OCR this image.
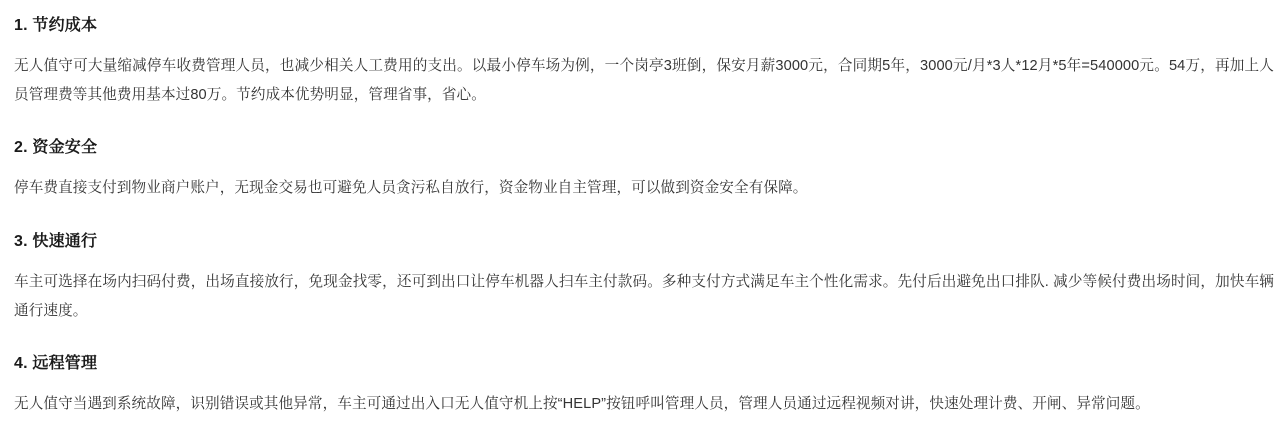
1. 节约成本

无人值守可大量缩减停车收费管理人员，也减少相关人工费用的支出。以最小停车场为例，一个岗亭3班倒，保安月薪3000元，合同期5年，3000元/月*3人*12月*5年=540000元。54万，再加上人员管理费等其他费用基本过80万。节约成本优势明显，管理省事，省心。

2. 资金安全

停车费直接支付到物业商户账户，无现金交易也可避免人员贪污私自放行，资金物业自主管理，可以做到资金安全有保障。

3. 快速通行

车主可选择在场内扫码付费，出场直接放行，免现金找零，还可到出口让停车机器人扫车主付款码。多种支付方式满足车主个性化需求。先付后出避免出口排队. 减少等候付费出场时间，加快车辆通行速度。

4. 远程管理

无人值守当遇到系统故障，识别错误或其他异常，车主可通过出入口无人值守机上按“HELP”按钮呼叫管理人员，管理人员通过远程视频对讲，快速处理计费、开闸、异常问题。
